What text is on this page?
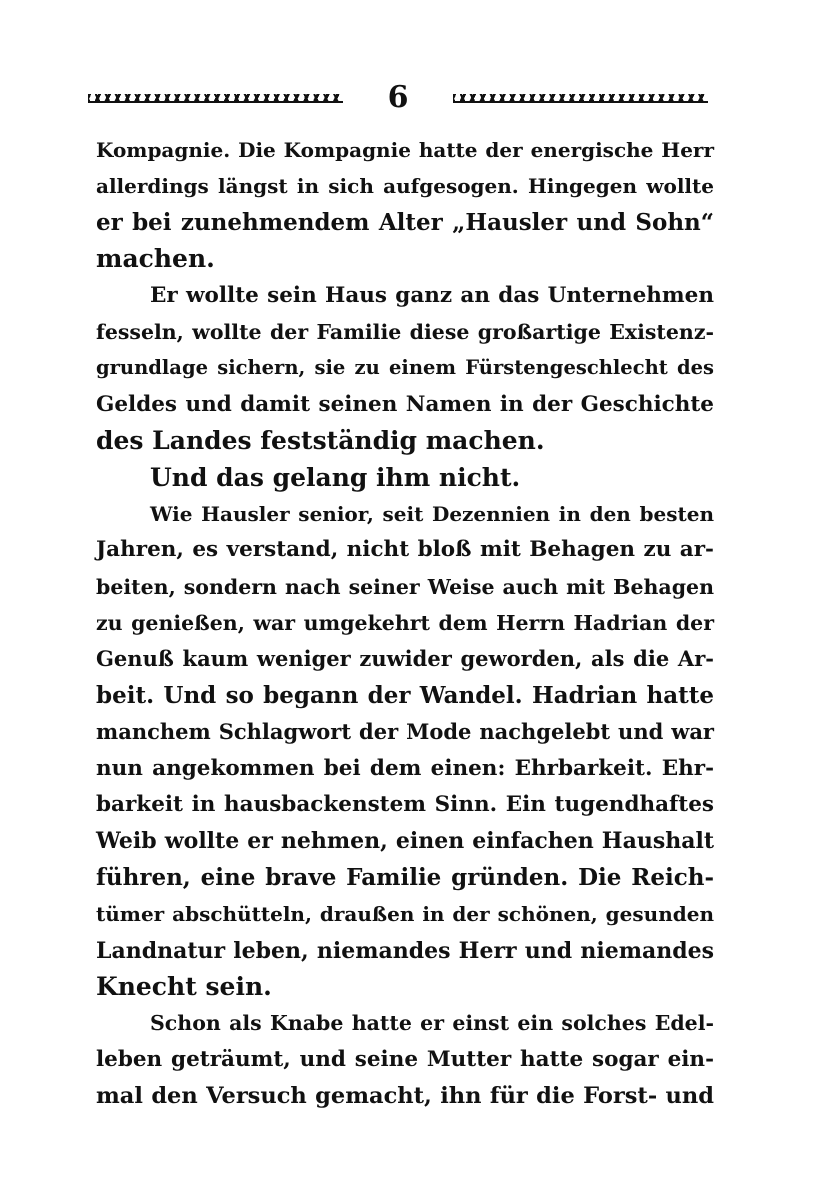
6
Kompagnie. Die Kompagnie hatte der energische Herr
allerdings längst in sich aufgesogen. Hingegen wollte
er bei zunehmendem Alter „Hausler und Sohn“
machen.
Er wollte sein Haus ganz an das Unternehmen
fesseln, wollte der Familie diese großartige Existenz-
grundlage sichern, sie zu einem Fürstengeschlecht des
Geldes und damit seinen Namen in der Geschichte
des Landes festständig machen.
Und das gelang ihm nicht.
Wie Hausler senior, seit Dezennien in den besten
Jahren, es verstand, nicht bloß mit Behagen zu ar-
beiten, sondern nach seiner Weise auch mit Behagen
zu genießen, war umgekehrt dem Herrn Hadrian der
Genuß kaum weniger zuwider geworden, als die Ar-
beit. Und so begann der Wandel. Hadrian hatte
manchem Schlagwort der Mode nachgelebt und war
nun angekommen bei dem einen: Ehrbarkeit. Ehr-
barkeit in hausbackenstem Sinn. Ein tugendhaftes
Weib wollte er nehmen, einen einfachen Haushalt
führen, eine brave Familie gründen. Die Reich-
tümer abschütteln, draußen in der schönen, gesunden
Landnatur leben, niemandes Herr und niemandes
Knecht sein.
Schon als Knabe hatte er einst ein solches Edel-
leben geträumt, und seine Mutter hatte sogar ein-
mal den Versuch gemacht, ihn für die Forst- und
